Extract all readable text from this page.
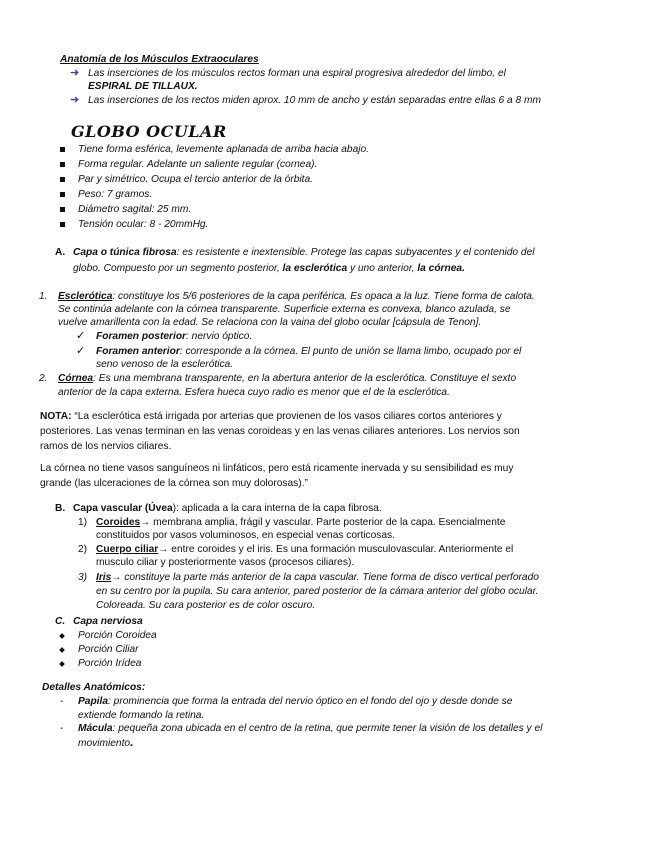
Anatomía de los Músculos Extraoculares
➜ Las inserciones de los músculos rectos forman una espiral progresiva alrededor del limbo, el
ESPIRAL DE TILLAUX.
➜ Las inserciones de los rectos miden aprox. 10 mm de ancho y están separadas entre ellas 6 a 8 mm
GLOBO OCULAR
Tiene forma esférica, levemente aplanada de arriba hacia abajo.
Forma regular. Adelante un saliente regular (cornea).
Par y simétrico. Ocupa el tercio anterior de la órbita.
Peso: 7 gramos.
Diámetro sagital: 25 mm.
Tensión ocular: 8 - 20mmHg.
A. Capa o túnica fibrosa: es resistente e inextensible. Protege las capas subyacentes y el contenido del
globo. Compuesto por un segmento posterior, la esclerótica y uno anterior, la córnea.
1. Esclerótica: constituye los 5/6 posteriores de la capa periférica. Es opaca a la luz. Tiene forma de calota.
Se continúa adelante con la córnea transparente. Superficie externa es convexa, blanco azulada, se
vuelve amarillenta con la edad. Se relaciona con la vaina del globo ocular [cápsula de Tenon].
✓ Foramen posterior: nervio óptico.
✓ Foramen anterior: corresponde a la córnea. El punto de unión se llama limbo, ocupado por el
seno venoso de la esclerótica.
2. Córnea: Es una membrana transparente, en la abertura anterior de la esclerótica. Constituye el sexto
anterior de la capa externa. Esfera hueca cuyo radio es menor que el de la esclerótica.
NOTA: “La esclerótica está irrigada por arterias que provienen de los vasos ciliares cortos anteriores y
posteriores. Las venas terminan en las venas coroideas y en las venas ciliares anteriores. Los nervios son
ramos de los nervios ciliares.
La córnea no tiene vasos sanguíneos ni linfáticos, pero está ricamente inervada y su sensibilidad es muy
grande (las ulceraciones de la córnea son muy dolorosas).”
B. Capa vascular (Úvea): aplicada a la cara interna de la capa fibrosa.
1) Coroides→ membrana amplia, frágil y vascular. Parte posterior de la capa. Esencialmente
constituidos por vasos voluminosos, en especial venas corticosas.
2) Cuerpo ciliar→ entre coroides y el iris. Es una formación musculovascular. Anteriormente el
musculo ciliar y posteriormente vasos (procesos ciliares).
3) Iris→ constituye la parte más anterior de la capa vascular. Tiene forma de disco vertical perforado
en su centro por la pupila. Su cara anterior, pared posterior de la cámara anterior del globo ocular.
Coloreada. Su cara posterior es de color oscuro.
C. Capa nerviosa
Porción Coroidea
Porción Ciliar
Porción Irídea
Detalles Anatómicos:
- Papila: prominencia que forma la entrada del nervio óptico en el fondo del ojo y desde donde se
extiende formando la retina.
- Mácula: pequeña zona ubicada en el centro de la retina, que permite tener la visión de los detalles y el
movimiento.
